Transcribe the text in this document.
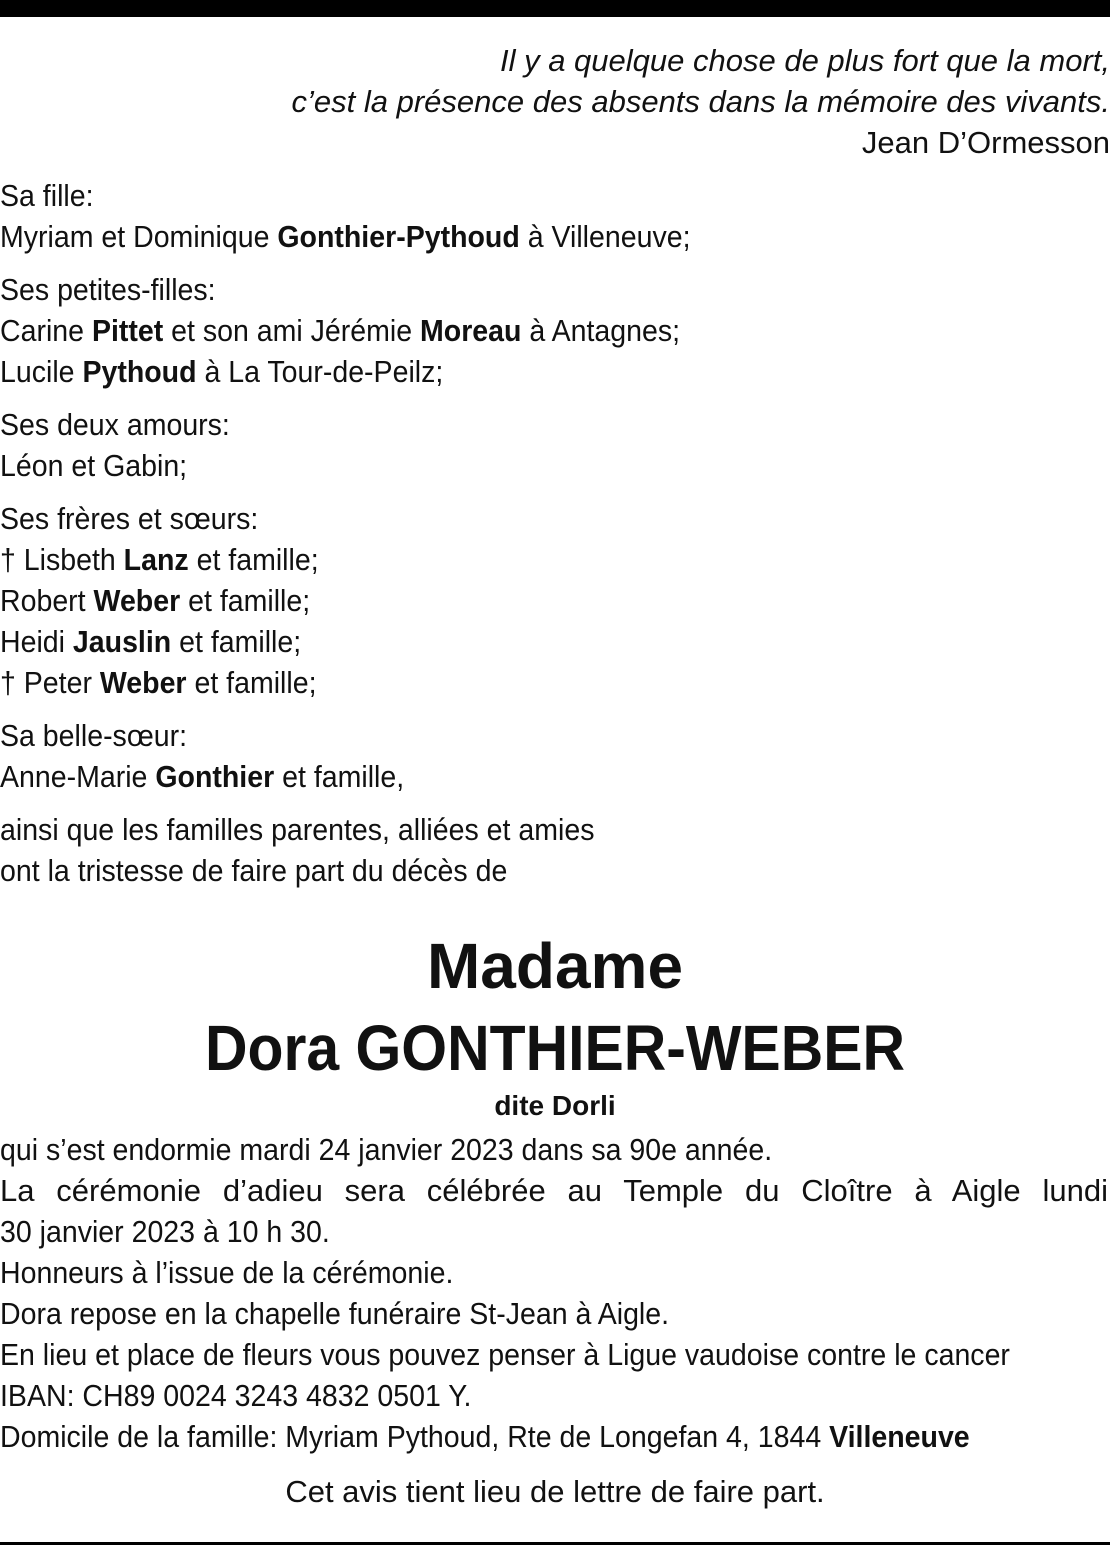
Il y a quelque chose de plus fort que la mort,
c’est la présence des absents dans la mémoire des vivants.
Jean D’Ormesson
Sa fille:
Myriam et Dominique Gonthier-Pythoud à Villeneuve;
Ses petites-filles:
Carine Pittet et son ami Jérémie Moreau à Antagnes;
Lucile Pythoud à La Tour-de-Peilz;
Ses deux amours:
Léon et Gabin;
Ses frères et sœurs:
† Lisbeth Lanz et famille;
Robert Weber et famille;
Heidi Jauslin et famille;
† Peter Weber et famille;
Sa belle-sœur:
Anne-Marie Gonthier et famille,
ainsi que les familles parentes, alliées et amies
ont la tristesse de faire part du décès de
Madame
Dora GONTHIER-WEBER
dite Dorli
qui s’est endormie mardi 24 janvier 2023 dans sa 90e année.
La cérémonie d’adieu sera célébrée au Temple du Cloître à Aigle lundi
30 janvier 2023 à 10 h 30.
Honneurs à l’issue de la cérémonie.
Dora repose en la chapelle funéraire St-Jean à Aigle.
En lieu et place de fleurs vous pouvez penser à Ligue vaudoise contre le cancer
IBAN: CH89 0024 3243 4832 0501 Y.
Domicile de la famille: Myriam Pythoud, Rte de Longefan 4, 1844 Villeneuve
Cet avis tient lieu de lettre de faire part.
